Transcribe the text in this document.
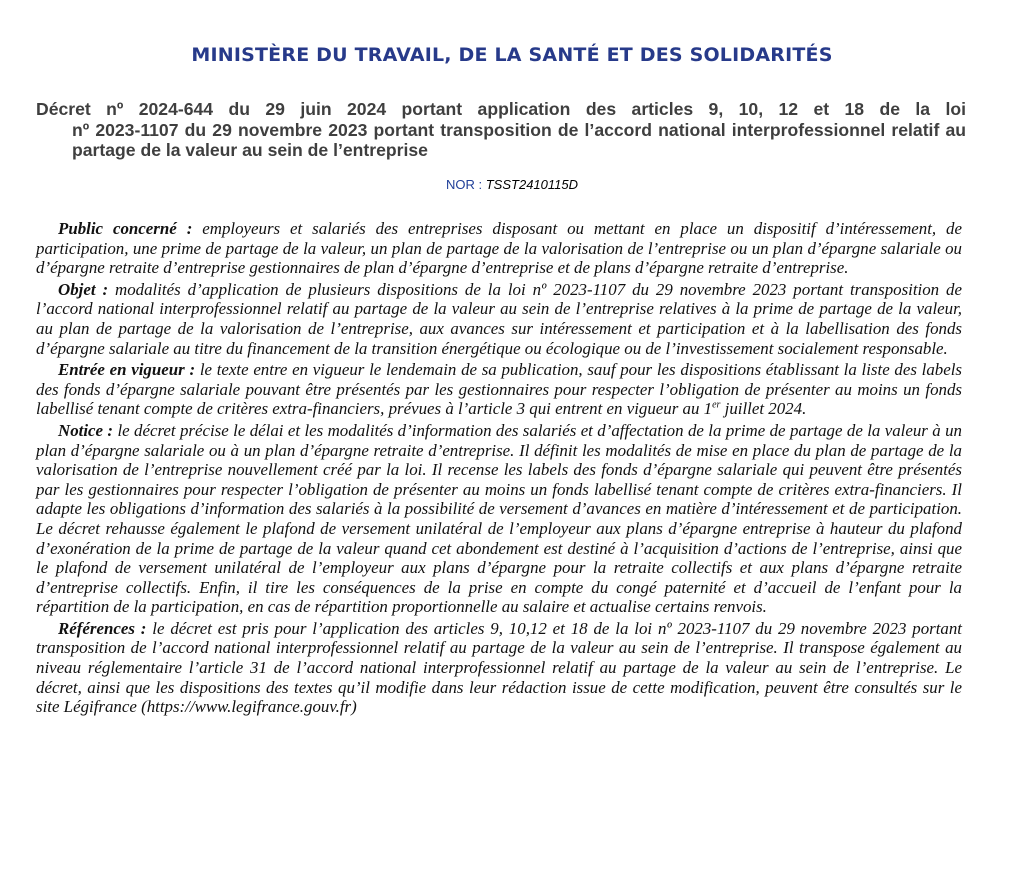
MINISTÈRE DU TRAVAIL, DE LA SANTÉ ET DES SOLIDARITÉS
Décret nº 2024-644 du 29 juin 2024 portant application des articles 9, 10, 12 et 18 de la loi
nº 2023-1107 du 29 novembre 2023 portant transposition de l’accord national interprofessionnel relatif au partage de la valeur au sein de l’entreprise
NOR : TSST2410115D

Public concerné : employeurs et salariés des entreprises disposant ou mettant en place un dispositif d’intéressement, de participation, une prime de partage de la valeur, un plan de partage de la valorisation de l’entreprise ou un plan d’épargne salariale ou d’épargne retraite d’entreprise gestionnaires de plan d’épargne d’entreprise et de plans d’épargne retraite d’entreprise.

Objet : modalités d’application de plusieurs dispositions de la loi nº 2023-1107 du 29 novembre 2023 portant transposition de l’accord national interprofessionnel relatif au partage de la valeur au sein de l’entreprise relatives à la prime de partage de la valeur, au plan de partage de la valorisation de l’entreprise, aux avances sur intéressement et participation et à la labellisation des fonds d’épargne salariale au titre du financement de la transition énergétique ou écologique ou de l’investissement socialement responsable.

Entrée en vigueur : le texte entre en vigueur le lendemain de sa publication, sauf pour les dispositions établissant la liste des labels des fonds d’épargne salariale pouvant être présentés par les gestionnaires pour respecter l’obligation de présenter au moins un fonds labellisé tenant compte de critères extra-financiers, prévues à l’article 3 qui entrent en vigueur au 1er juillet 2024.

Notice : le décret précise le délai et les modalités d’information des salariés et d’affectation de la prime de partage de la valeur à un plan d’épargne salariale ou à un plan d’épargne retraite d’entreprise. Il définit les modalités de mise en place du plan de partage de la valorisation de l’entreprise nouvellement créé par la loi. Il recense les labels des fonds d’épargne salariale qui peuvent être présentés par les gestionnaires pour respecter l’obligation de présenter au moins un fonds labellisé tenant compte de critères extra-financiers. Il adapte les obligations d’information des salariés à la possibilité de versement d’avances en matière d’intéressement et de participation. Le décret rehausse également le plafond de versement unilatéral de l’employeur aux plans d’épargne entreprise à hauteur du plafond d’exonération de la prime de partage de la valeur quand cet abondement est destiné à l’acquisition d’actions de l’entreprise, ainsi que le plafond de versement unilatéral de l’employeur aux plans d’épargne pour la retraite collectifs et aux plans d’épargne retraite d’entreprise collectifs. Enfin, il tire les conséquences de la prise en compte du congé paternité et d’accueil de l’enfant pour la répartition de la participation, en cas de répartition proportionnelle au salaire et actualise certains renvois.

Références : le décret est pris pour l’application des articles 9, 10,12 et 18 de la loi nº 2023-1107 du 29 novembre 2023 portant transposition de l’accord national interprofessionnel relatif au partage de la valeur au sein de l’entreprise. Il transpose également au niveau réglementaire l’article 31 de l’accord national interprofessionnel relatif au partage de la valeur au sein de l’entreprise. Le décret, ainsi que les dispositions des textes qu’il modifie dans leur rédaction issue de cette modification, peuvent être consultés sur le site Légifrance (https://www.legifrance.gouv.fr)
